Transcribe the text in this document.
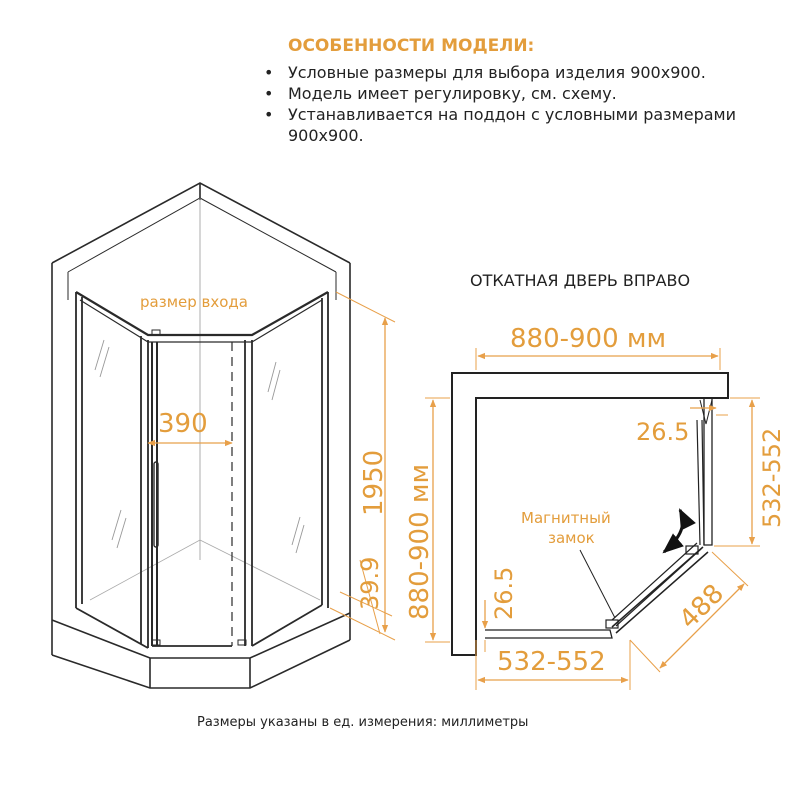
ОСОБЕННОСТИ МОДЕЛИ:
• Условные размеры для выбора изделия 900х900.
• Модель имеет регулировку, см. схему.
• Устанавливается на поддон с условными размерами 900х900.
размер входа
390
1950
39.9
ОТКАТНАЯ ДВЕРЬ ВПРАВО
880-900 мм
880-900 мм	532-552
532-552
488
26.5
26.5
Магнитный
замок
Размеры указаны в ед. измерения: миллиметры
